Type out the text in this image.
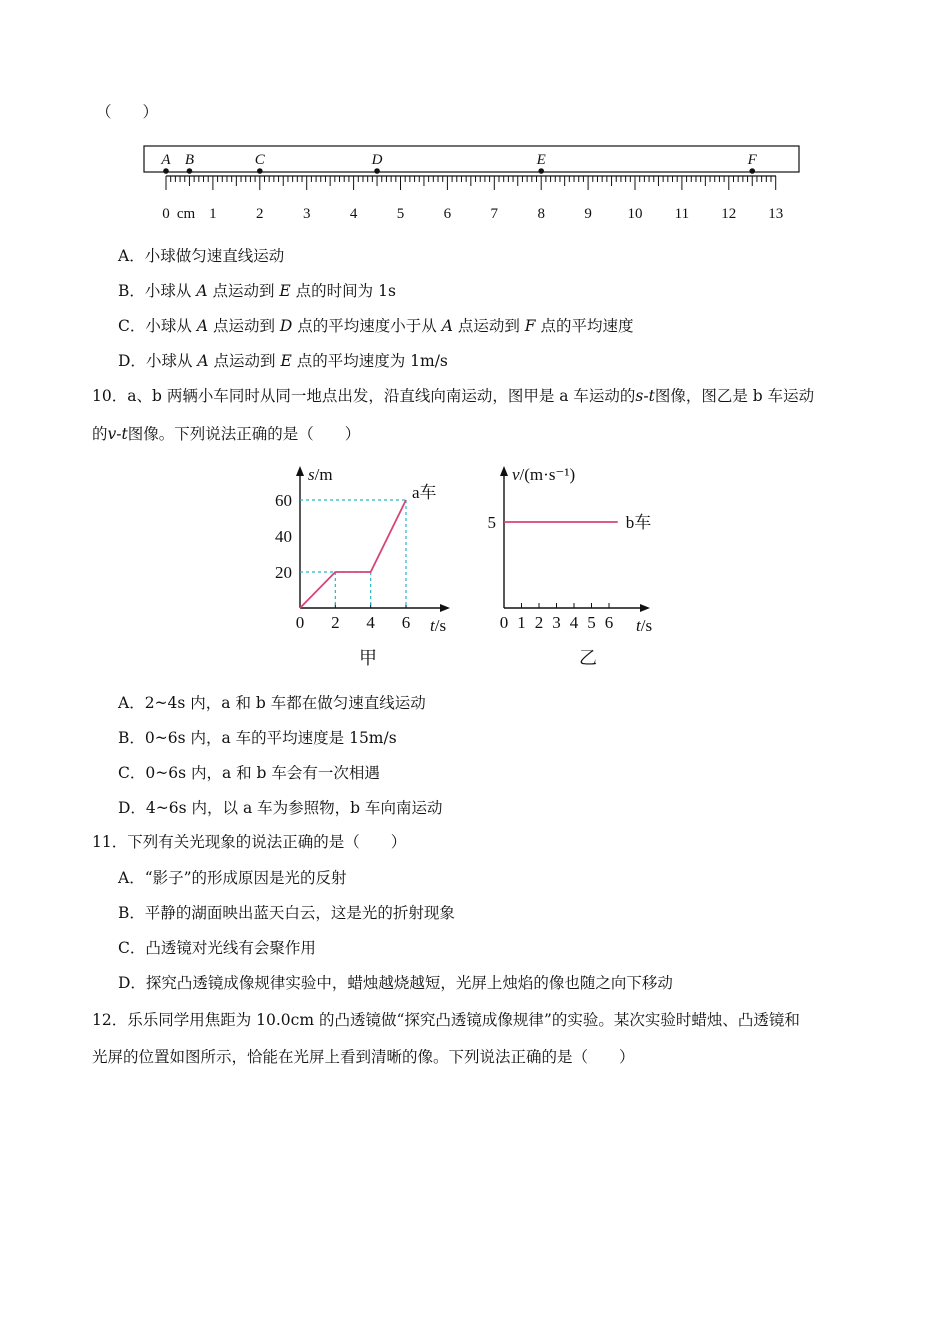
（　　）
A B	C	D	E	F
0	1	2	3	4	5	6	7	8	9 10 11 12 13
cm
A．小球做匀速直线运动
B．小球从 A 点运动到 E 点的时间为 1s
C．小球从 A 点运动到 D 点的平均速度小于从 A 点运动到 F 点的平均速度
D．小球从 A 点运动到 E 点的平均速度为 1m/s
10．a、b 两辆小车同时从同一地点出发，沿直线向南运动，图甲是 a 车运动的s-t图像，图乙是 b 车运动
的v-t图像。下列说法正确的是（　　）
0 2 4 6
20
40
60	a车
s/m
t/s
甲
0 1 2 3 4 5 6
5	b车
v/(m·s⁻¹)
t/s
乙
A．2~4s 内，a 和 b 车都在做匀速直线运动
B．0~6s 内，a 车的平均速度是 15m/s
C．0~6s 内，a 和 b 车会有一次相遇
D．4~6s 内，以 a 车为参照物，b 车向南运动
11．下列有关光现象的说法正确的是（　　）
A．“影子”的形成原因是光的反射
B．平静的湖面映出蓝天白云，这是光的折射现象
C．凸透镜对光线有会聚作用
D．探究凸透镜成像规律实验中，蜡烛越烧越短，光屏上烛焰的像也随之向下移动
12．乐乐同学用焦距为 10.0cm 的凸透镜做“探究凸透镜成像规律”的实验。某次实验时蜡烛、凸透镜和
光屏的位置如图所示，恰能在光屏上看到清晰的像。下列说法正确的是（　　）
